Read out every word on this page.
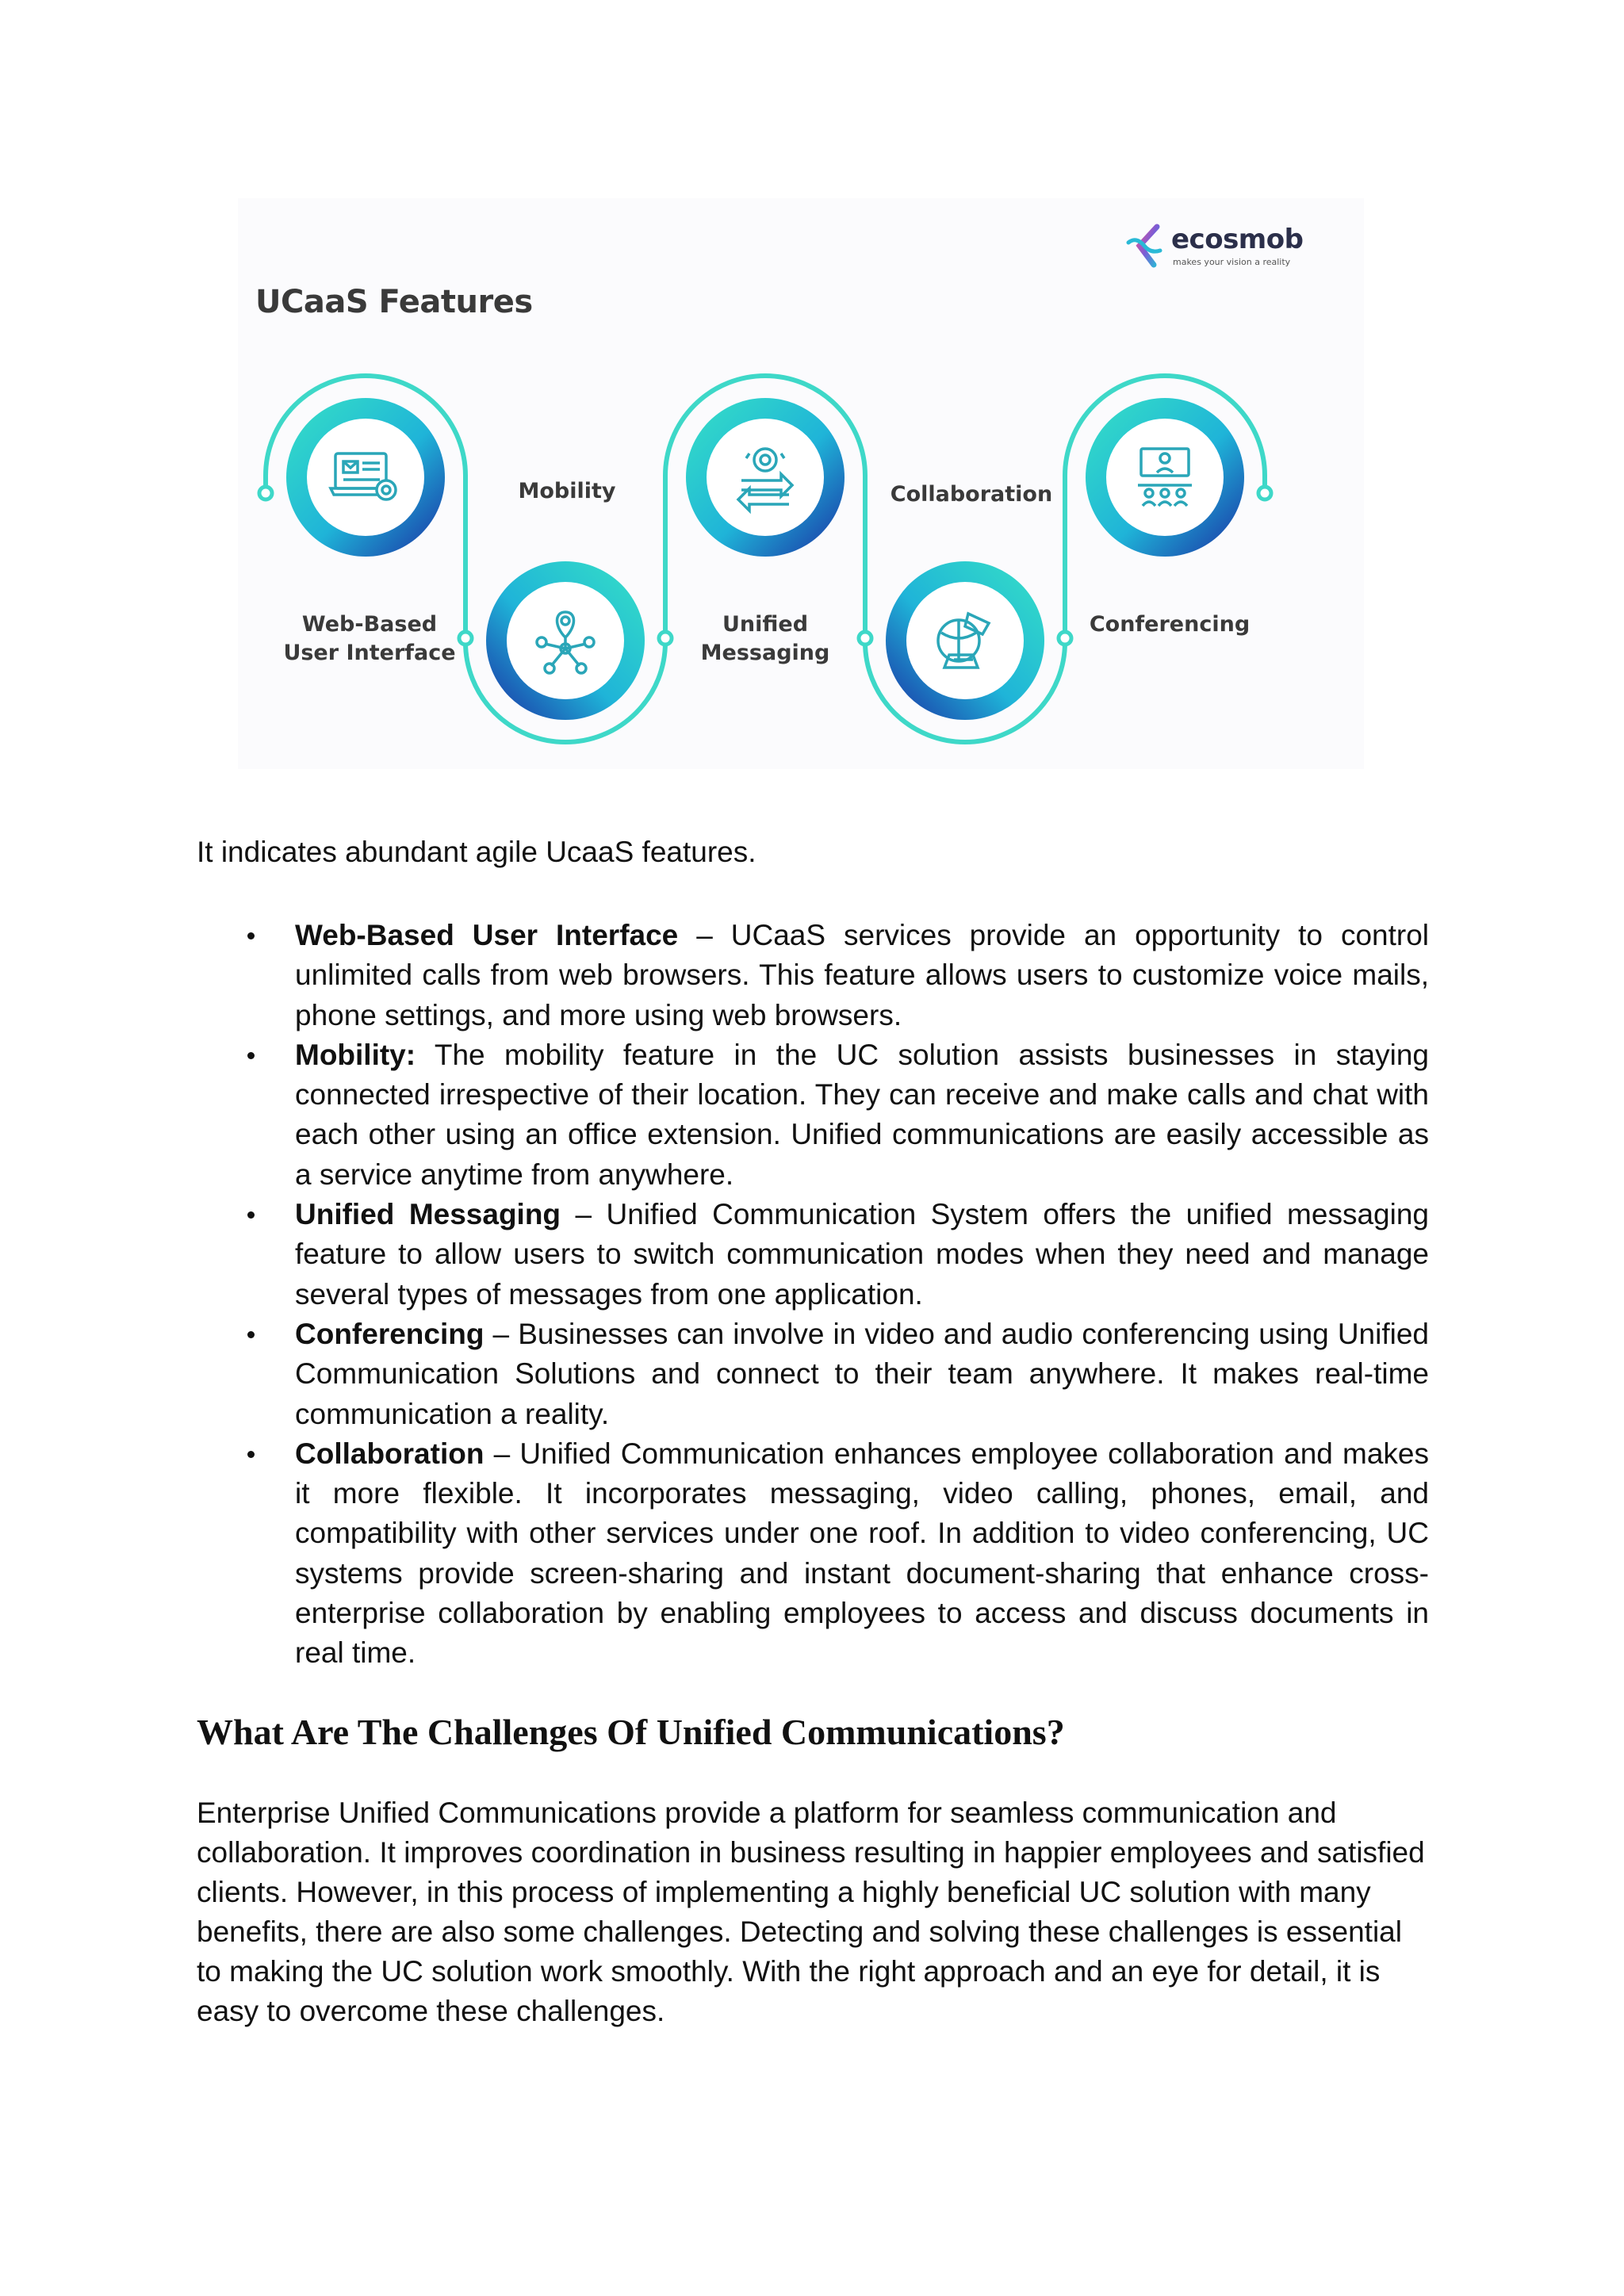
UCaaS Features
ecosmob
makes your vision a reality
Web-Based
User Interface
Mobility
Unified
Messaging
Collaboration
Conferencing
It indicates abundant agile UcaaS features.
Web-Based User Interface – UCaaS services provide an opportunity to control unlimited calls from web browsers. This feature allows users to customize voice mails, phone settings, and more using web browsers.
Mobility: The mobility feature in the UC solution assists businesses in staying connected irrespective of their location. They can receive and make calls and chat with each other using an office extension. Unified communications are easily accessible as a service anytime from anywhere.
Unified Messaging – Unified Communication System offers the unified messaging feature to allow users to switch communication modes when they need and manage several types of messages from one application.
Conferencing – Businesses can involve in video and audio conferencing using Unified Communication Solutions and connect to their team anywhere. It makes real-time communication a reality.
Collaboration – Unified Communication enhances employee collaboration and makes it more flexible. It incorporates messaging, video calling, phones, email, and compatibility with other services under one roof. In addition to video conferencing, UC systems provide screen-sharing and instant document-sharing that enhance cross-enterprise collaboration by enabling employees to access and discuss documents in real time.
What Are The Challenges Of Unified Communications?
Enterprise Unified Communications provide a platform for seamless communication and collaboration. It improves coordination in business resulting in happier employees and satisfied clients. However, in this process of implementing a highly beneficial UC solution with many benefits, there are also some challenges. Detecting and solving these challenges is essential to making the UC solution work smoothly. With the right approach and an eye for detail, it is easy to overcome these challenges.
